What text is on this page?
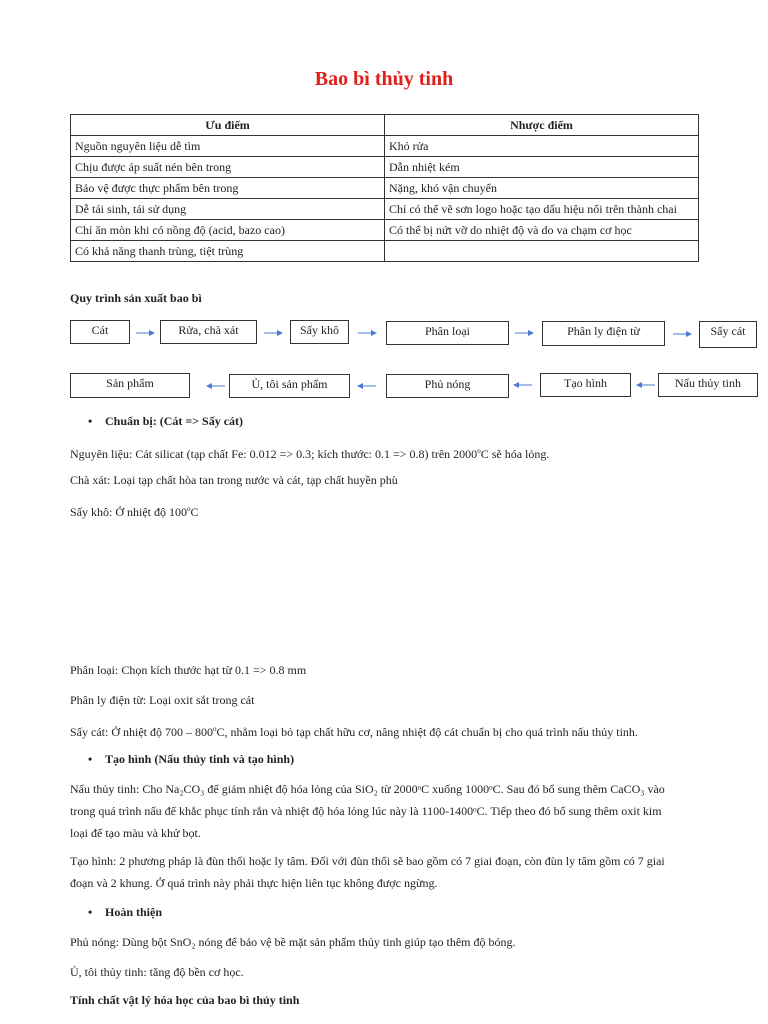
Bao bì thủy tinh
Ưu điểm	Nhược điểm
Nguồn nguyên liệu dễ tìm	Khó rửa
Chịu được áp suất nén bên trong	Dẫn nhiệt kém
Bảo vệ được thực phẩm bên trong	Nặng, khó vận chuyển
Dễ tái sinh, tái sử dụng	Chỉ có thể vẽ sơn logo hoặc tạo dấu hiệu nổi trên thành chai
Chỉ ăn mòn khi có nồng độ (acid, bazo cao)	Có thể bị nứt vỡ do nhiệt độ và do va chạm cơ học
Có khả năng thanh trùng, tiệt trùng	
Quy trình sản xuất bao bì
Cát	Rửa, chà xát	Sấy khô	Phân loại	Phân ly điện từ	Sấy cát
Sản phẩm	Ủ, tôi sản phẩm	Phủ nóng	Tạo hình	Nấu thủy tinh
• Chuẩn bị: (Cát => Sấy cát)
Nguyên liệu: Cát silicat (tạp chất Fe: 0.012 => 0.3; kích thước: 0.1 => 0.8) trên 2000$^o$C sẽ hóa lỏng.
Chà xát: Loại tạp chất hòa tan trong nước và cát, tạp chất huyền phù
Sấy khô: Ở nhiệt độ 100$^o$C
Phân loại: Chọn kích thước hạt từ 0.1 => 0.8 mm
Phân ly điện từ: Loại oxit sắt trong cát
Sấy cát: Ở nhiệt độ 700 – 800$^o$C, nhằm loại bỏ tạp chất hữu cơ, nâng nhiệt độ cát chuẩn bị cho quá trình nấu thủy tinh.
• Tạo hình (Nấu thủy tinh và tạo hình)
Nấu thủy tinh: Cho Na₂CO₃ để giảm nhiệt độ hóa lỏng của SiO₂ từ 2000ᵒC xuống 1000ᵒC. Sau đó bổ sung thêm CaCO₃ vào
trong quá trình nấu để khắc phục tính rắn và nhiệt độ hóa lỏng lúc này là 1100-1400ᵒC. Tiếp theo đó bổ sung thêm oxit kim
loại để tạo màu và khử bọt.
Tạo hình: 2 phương pháp là đùn thổi hoặc ly tâm. Đối với đùn thổi sẽ bao gồm có 7 giai đoạn, còn đùn ly tâm gồm có 7 giai
đoạn và 2 khung. Ở quá trình này phải thực hiện liên tục không được ngừng.
• Hoàn thiện
Phủ nóng: Dùng bột SnO₂ nóng để bảo vệ bề mặt sản phẩm thủy tinh giúp tạo thêm độ bóng.
Ủ, tôi thủy tinh: tăng độ bền cơ học.
Tính chất vật lý hóa học của bao bì thủy tinh
